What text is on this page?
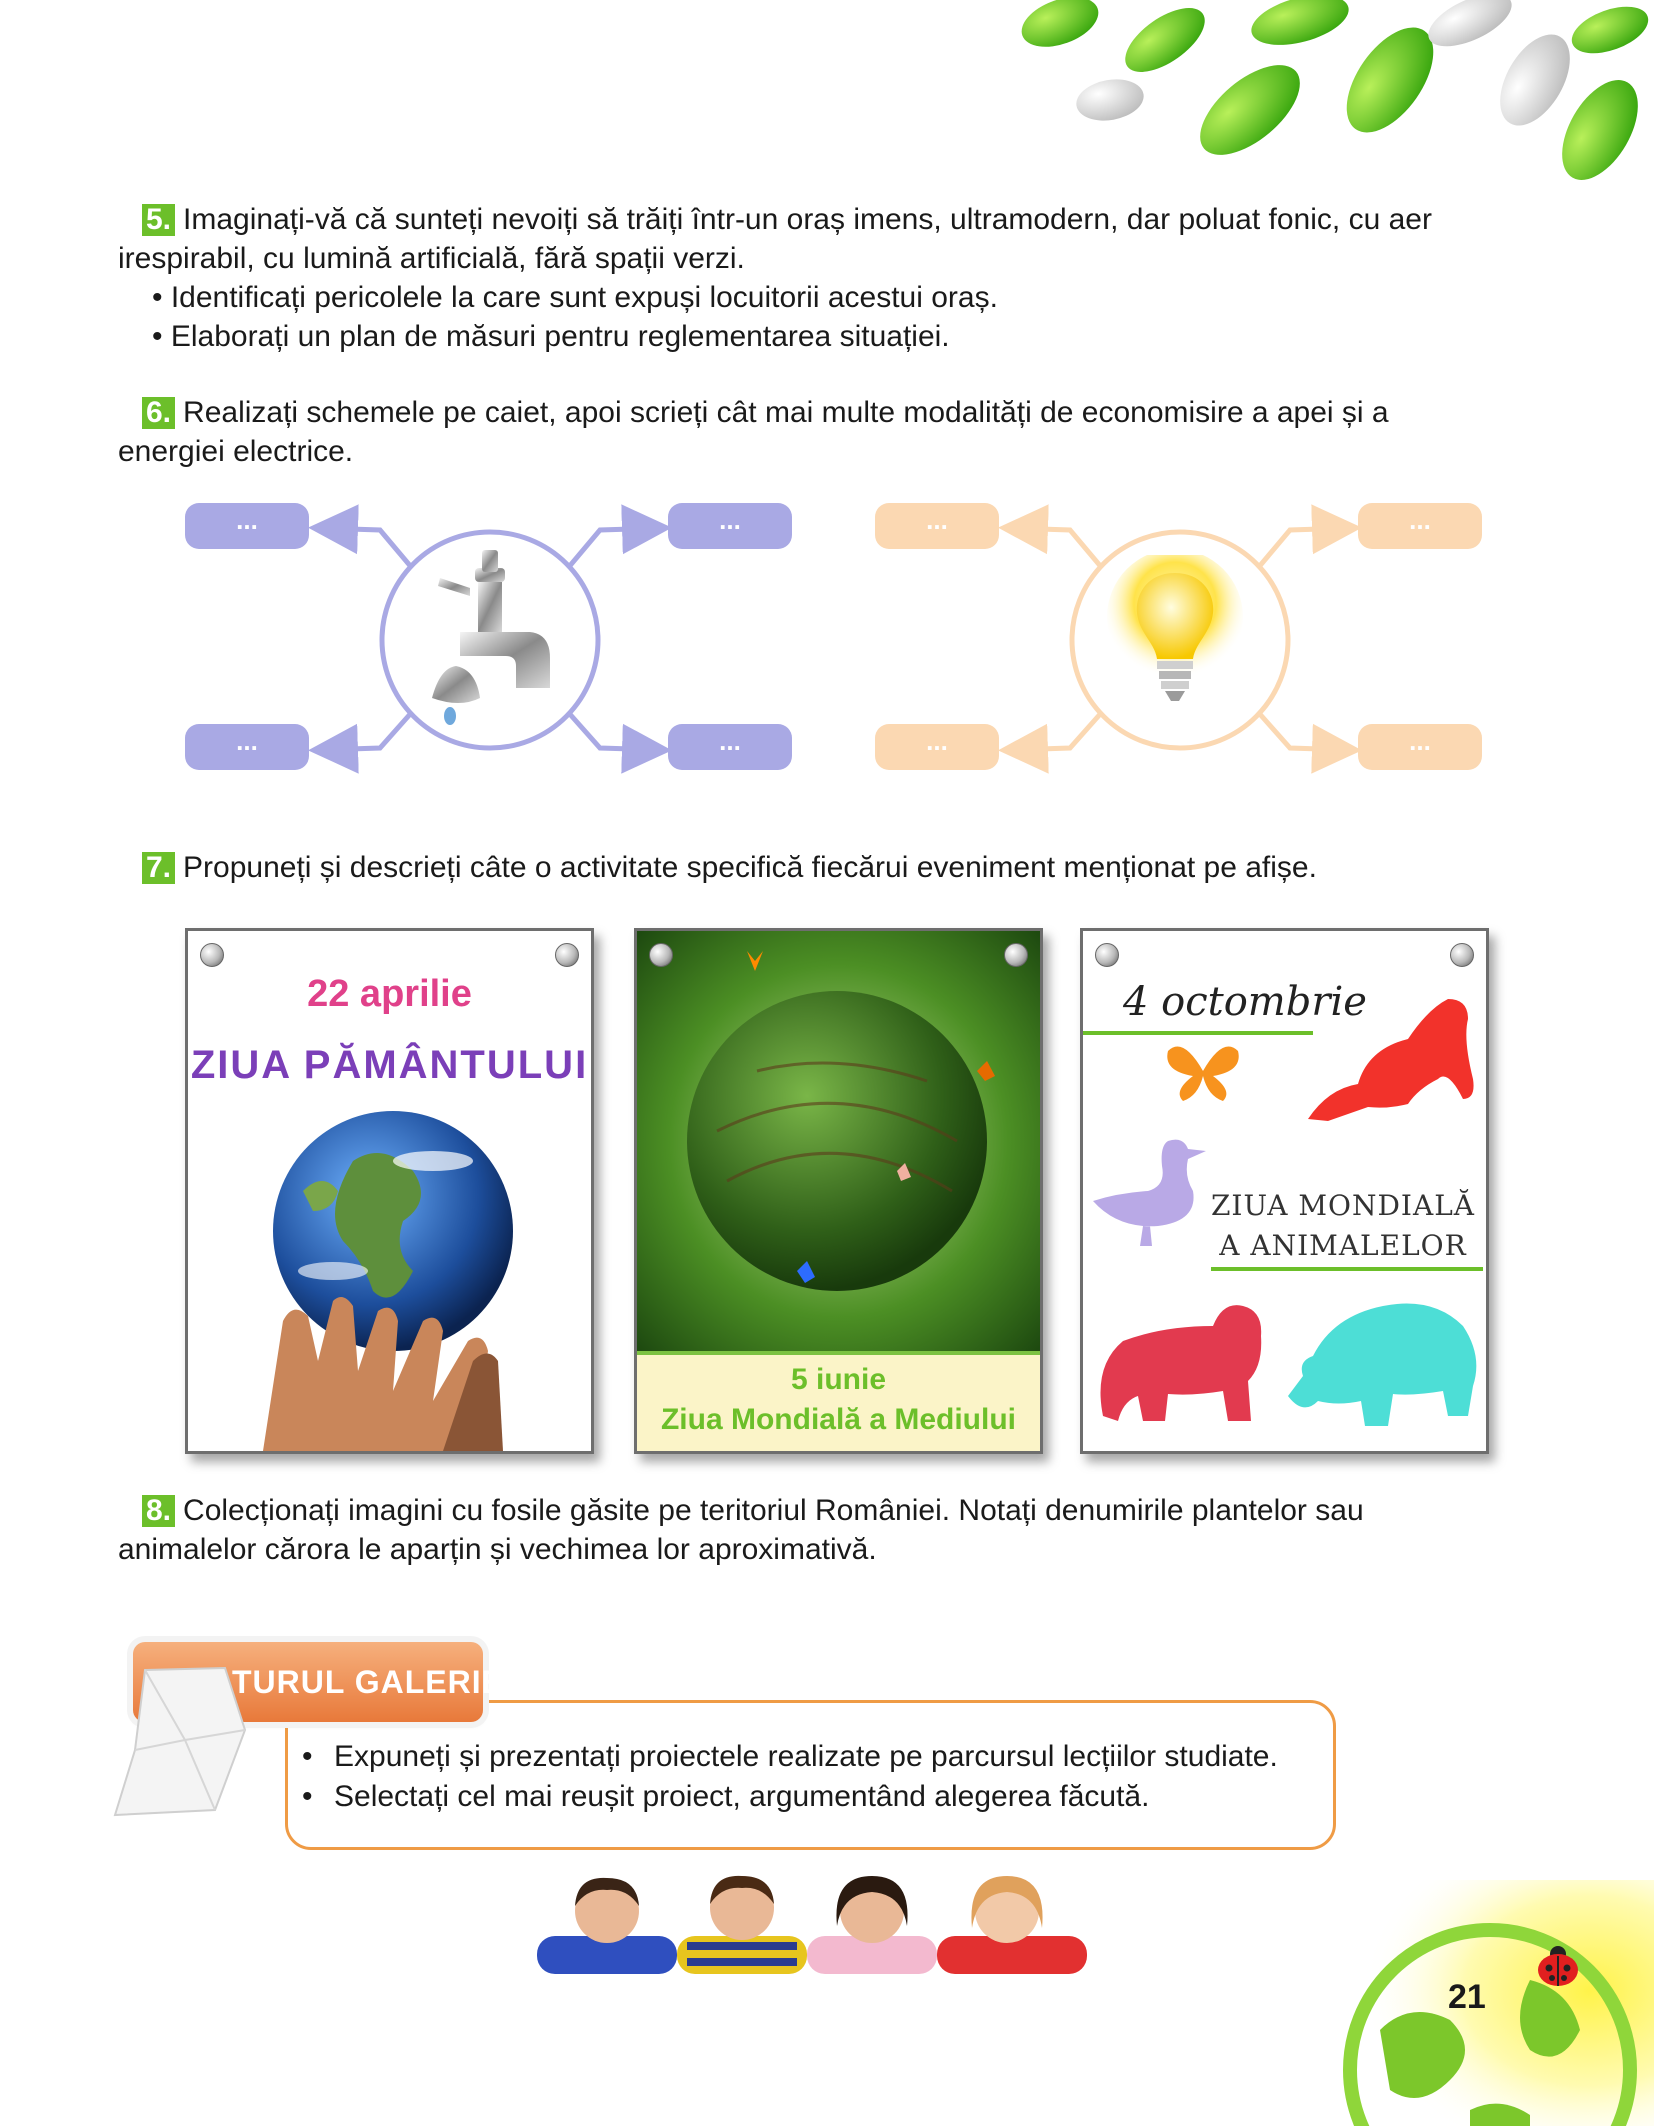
5. Imaginați-vă că sunteți nevoiți să trăiți într-un oraș imens, ultramodern, dar poluat fonic, cu aer
irespirabil, cu lumină artificială, fără spații verzi.
• Identificați pericolele la care sunt expuși locuitorii acestui oraș.
• Elaborați un plan de măsuri pentru reglementarea situației.
6. Realizați schemele pe caiet, apoi scrieți cât mai multe modalități de economisire a apei și a
energiei electrice.
...	...
...	...
...	...
...	...
7. Propuneți și descrieți câte o activitate specifică fiecărui eveniment menționat pe afișe.
22 aprilie
ZIUA PĂMÂNTULUI
5 iunie
Ziua Mondială a Mediului
4 octombrie
ZIUA MONDIALĂ
A ANIMALELOR
8. Colecționați imagini cu fosile găsite pe teritoriul României. Notați denumirile plantelor sau
animalelor cărora le aparțin și vechimea lor aproximativă.
TURUL GALERIEI
• Expuneți și prezentați proiectele realizate pe parcursul lecțiilor studiate.
• Selectați cel mai reușit proiect, argumentând alegerea făcută.
21
